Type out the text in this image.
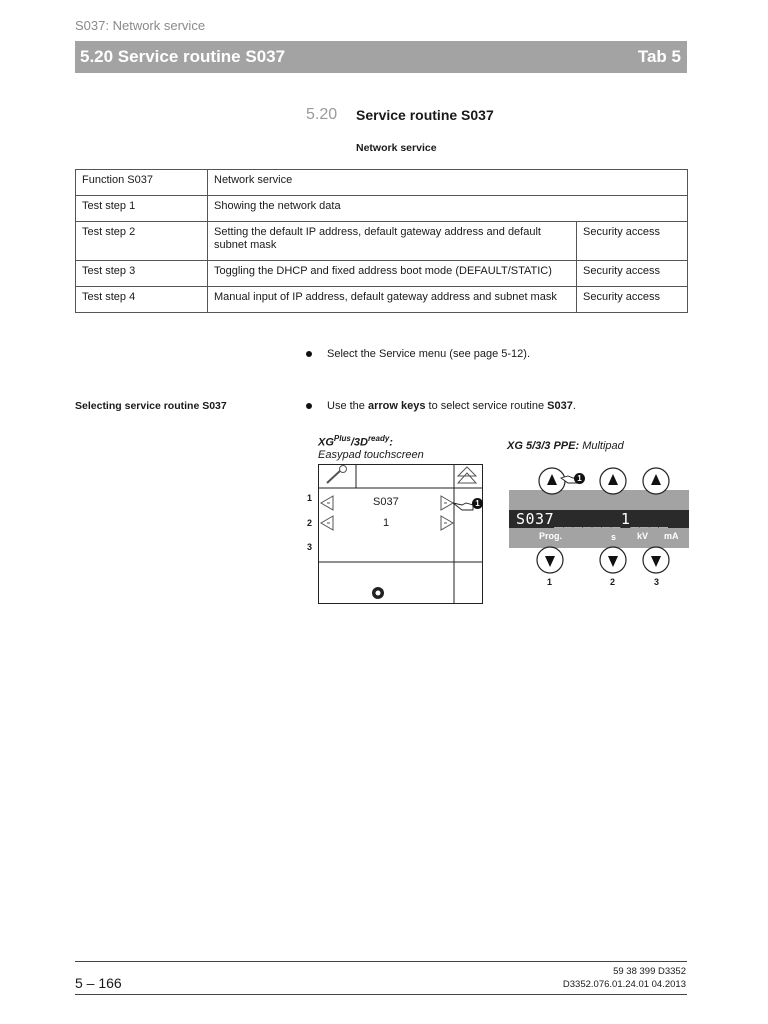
S037: Network service
5.20 Service routine S037	Tab 5
5.20 Service routine S037
Network service
Function S037	Network service	
Test step 1	Showing the network data	
Test step 2	Setting the default IP address, default gateway address and default subnet mask	Security access
Test step 3	Toggling the DHCP and fixed address boot mode (DEFAULT/STATIC)	Security access
Test step 4	Manual input of IP address, default gateway address and subnet mask	Security access
Select the Service menu (see page 5-12).
Selecting service routine S037	Use the arrow keys to select service routine S037.
$XG^{Plus}/3D^{ready}$:
Easypad touchscreen
1
2
3
S037
1
1
XG 5/3/3 PPE: Multipad
1
S037_______1____
Prog.	s kV mA
1	2	3
5 – 166
59 38 399 D3352
D3352.076.01.24.01 04.2013
